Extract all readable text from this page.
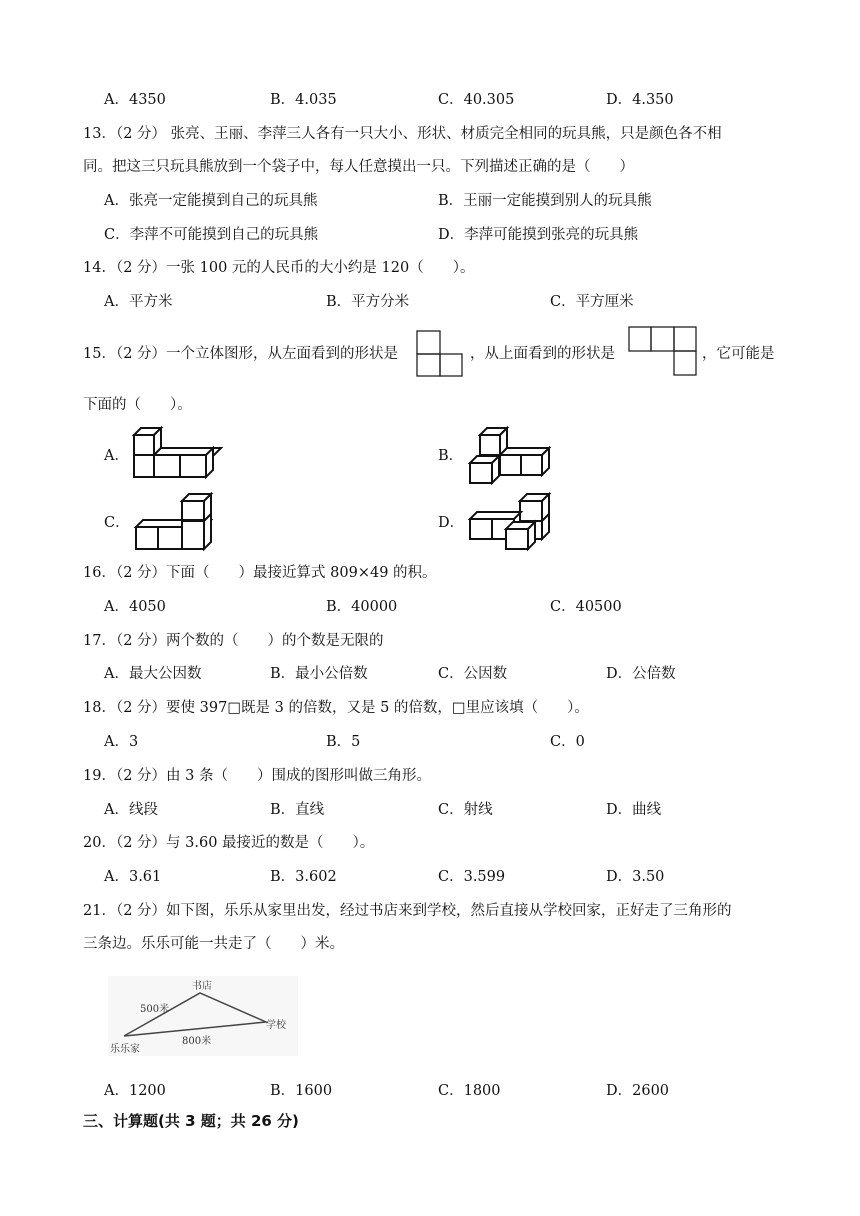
A．4350	B．4.035	C．40.305	D．4.350
13．（2 分） 张亮、王丽、李萍三人各有一只大小、形状、材质完全相同的玩具熊，只是颜色各不相
同。把这三只玩具熊放到一个袋子中，每人任意摸出一只。下列描述正确的是（　　）
A．张亮一定能摸到自己的玩具熊	B．王丽一定能摸到别人的玩具熊
C．李萍不可能摸到自己的玩具熊	D．李萍可能摸到张亮的玩具熊
14．（2 分）一张 100 元的人民币的大小约是 120（　　）。
A．平方米	B．平方分米	C．平方厘米
15．（2 分）一个立体图形，从左面看到的形状是	，从上面看到的形状是	，它可能是
下面的（　　）。
A．	B．
C．	D．
16．（2 分）下面（　　）最接近算式 809×49 的积。
A．4050	B．40000	C．40500
17．（2 分）两个数的（　　）的个数是无限的
A．最大公因数	B．最小公倍数	C．公因数	D．公倍数
18．（2 分）要使 397□既是 3 的倍数，又是 5 的倍数，□里应该填（　　）。
A．3	B．5	C．0
19．（2 分）由 3 条（　　）围成的图形叫做三角形。
A．线段	B．直线	C．射线	D．曲线
20．（2 分）与 3.60 最接近的数是（　　）。
A．3.61	B．3.602	C．3.599	D．3.50
21．（2 分）如下图，乐乐从家里出发，经过书店来到学校，然后直接从学校回家，正好走了三角形的
三条边。乐乐可能一共走了（　　）米。
书店
学校
乐乐家
500米
800米
A．1200	B．1600	C．1800	D．2600
三、计算题(共 3 题；共 26 分)
